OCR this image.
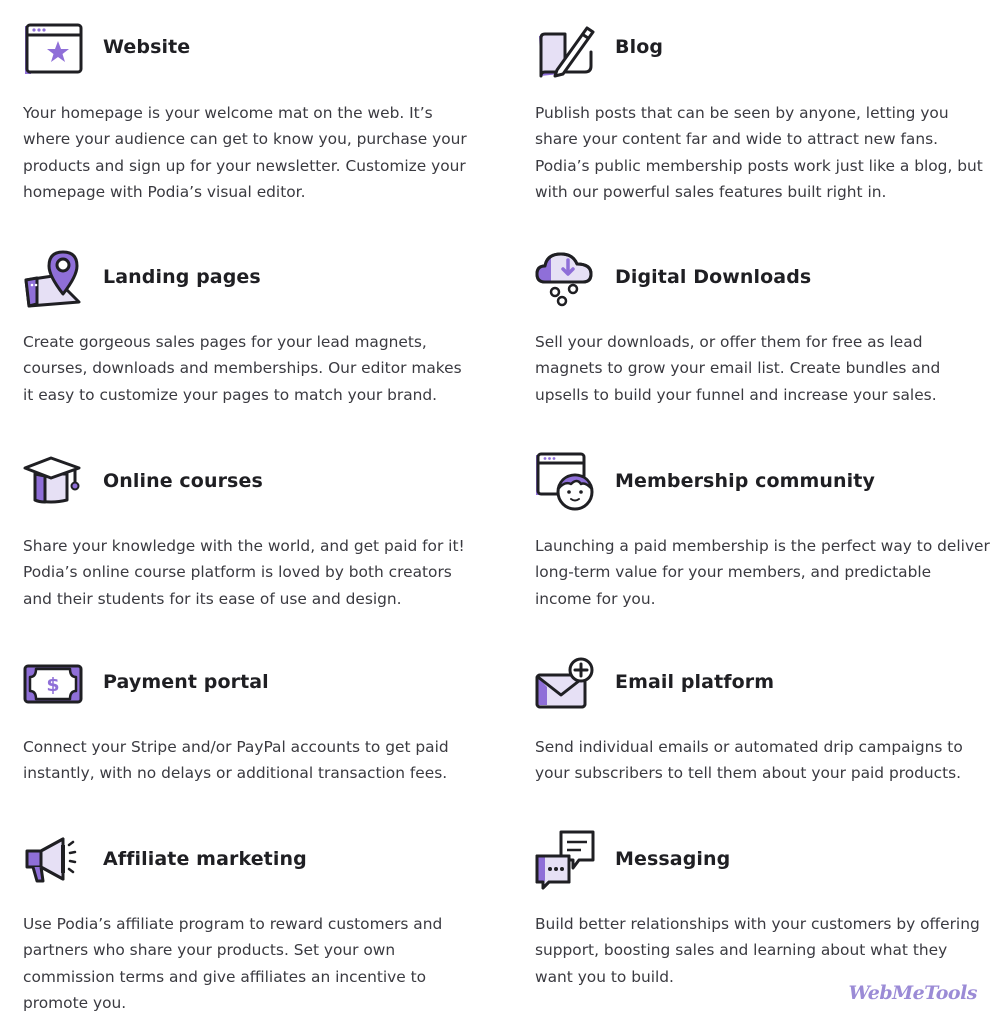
Website

Your homepage is your welcome mat on the web. It’s
where your audience can get to know you, purchase your
products and sign up for your newsletter. Customize your
homepage with Podia’s visual editor.

Blog

Publish posts that can be seen by anyone, letting you
share your content far and wide to attract new fans.
Podia’s public membership posts work just like a blog, but
with our powerful sales features built right in.

Landing pages

Create gorgeous sales pages for your lead magnets,
courses, downloads and memberships. Our editor makes
it easy to customize your pages to match your brand.

Digital Downloads

Sell your downloads, or offer them for free as lead
magnets to grow your email list. Create bundles and
upsells to build your funnel and increase your sales.

Online courses

Share your knowledge with the world, and get paid for it!
Podia’s online course platform is loved by both creators
and their students for its ease of use and design.

Membership community

Launching a paid membership is the perfect way to deliver
long-term value for your members, and predictable
income for you.

$ Payment portal

Connect your Stripe and/or PayPal accounts to get paid
instantly, with no delays or additional transaction fees.

Email platform

Send individual emails or automated drip campaigns to
your subscribers to tell them about your paid products.

Affiliate marketing

Use Podia’s affiliate program to reward customers and
partners who share your products. Set your own
commission terms and give affiliates an incentive to
promote you.

Messaging

Build better relationships with your customers by offering
support, boosting sales and learning about what they
want you to build.

WebMeTools
